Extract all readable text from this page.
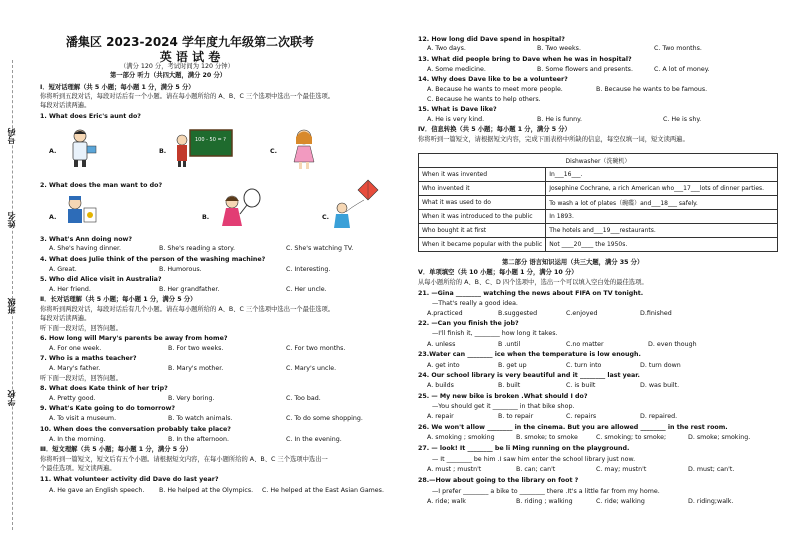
号码
姓名
班级
学校
潘集区 2023-2024 学年度九年级第二次联考
英 语 试 卷
（满分 120 分，考试时间为 120 分钟）
第一部分 听力（共四大题，满分 20 分）
Ⅰ．短对话理解（共 5 小题；每小题 1 分，满分 5 分）
你将听到五段对话，每段对话后有一个小题。请在每小题所给的 A、B、C 三个选项中选出一个最佳选项。
每段对话读两遍。
1. What does Eric's aunt do?
A.	B.
100 - 50 = ?
C.
2. What does the man want to do?
A.	B.	C.
3. What's Ann doing now?
A. She's having dinner.	B. She's reading a story.	C. She's watching TV.
4. What does Julie think of the person of the washing machine?
A. Great.	B. Humorous.	C. Interesting.
5. Who did Alice visit in Australia?
A. Her friend.	B. Her grandfather.	C. Her uncle.
Ⅱ．长对话理解（共 5 小题；每小题 1 分，满分 5 分）
你将听到两段对话，每段对话后有几个小题。请在每小题所给的 A、B、C 三个选项中选出一个最佳选项。
每段对话读两遍。
听下面一段对话，回答问题。
6. How long will Mary's parents be away from home?
A. For one week.	B. For two weeks.	C. For two months.
7. Who is a maths teacher?
A. Mary's father.	B. Mary's mother.	C. Mary's uncle.
听下面一段对话，回答问题。
8. What does Kate think of her trip?
A. Pretty good.	B. Very boring.	C. Too bad.
9. What's Kate going to do tomorrow?
A. To visit a museum.	B. To watch animals.	C. To do some shopping.
10. When does the conversation probably take place?
A. In the morning.	B. In the afternoon.	C. In the evening.
Ⅲ．短文理解（共 5 小题；每小题 1 分，满分 5 分）
你将听到一篇短文，短文后有五个小题。请根据短文内容，在每小题所给的 A、B、C 三个选项中选出一
个最佳选项。短文读两遍。
11. What volunteer activity did Dave do last year?
A. He gave an English speech. B. He helped at the Olympics. C. He helped at the East Asian Games.
12. How long did Dave spend in hospital?
A. Two days.	B. Two weeks.	C. Two months.
13. What did people bring to Dave when he was in hospital?
A. Some medicine.	B. Some flowers and presents.	C. A lot of money.
14. Why does Dave like to be a volunteer?
A. Because he wants to meet more people.	B. Because he wants to be famous.
C. Because he wants to help others.
15. What is Dave like?
A. He is very kind.	B. He is funny.	C. He is shy.
Ⅳ．信息转换（共 5 小题；每小题 1 分，满分 5 分）
你将听到一篇短文，请根据短文内容，完成下面表格中所缺的信息，每空仅填一词，短文读两遍。
Dishwasher（洗碗机）	
When it was invented	In___16___.
Who invented it	Josephine Cochrane, a rich American who___17___lots of dinner parties.
What it was used to do	To wash a lot of plates（碗碟）and___18___ safely.
When it was introduced to the public	In 1893.
Who bought it at first	The hotels and___19___restaurants.
When it became popular with the public	Not ____20____ the 1950s.
第二部分 语言知识运用（共三大题，满分 35 分）
Ⅴ．单项填空（共 10 小题；每小题 1 分，满分 10 分）
从每小题所给的 A、B、C、D 四个选项中，选出一个可以填入空白处的最佳选项。
21. —Gina ________ watching the news about FIFA on TV tonight.
—That's really a good idea.
A.practiced	B.suggested	C.enjoyed	D.finished
22. —Can you finish the job?
—I'll finish it, ________ how long it takes.
A. unless	B .until	C.no matter	D. even though
23.Water can ________ ice when the temperature is low enough.
A. get into	B. get up	C. turn into	D. turn down
24. Our school library is very beautiful and it ________ last year.
A. builds	B. built	C. is built	D. was built.
25. — My new bike is broken .What should I do?
—You should get it ________ in that bike shop.
A. repair	B. to repair	C. repairs	D. repaired.
26. We won't allow ________ in the cinema. But you are allowed ________ in the rest room.
A. smoking ; smoking	B. smoke; to smoke	C. smoking; to smoke;	D. smoke; smoking.
27. — look! It ________ be li Ming running on the playground.
— It ________ be him .I saw him enter the school library just now.
A. must ; mustn't	B. can; can't	C. may; mustn't	D. must; can't.
28.—How about going to the library on foot ?
—I prefer ________ a bike to ________ there .It's a little far from my home.
A. ride; walk	B. riding ; walking	C. ride; walking	D. riding;walk.
